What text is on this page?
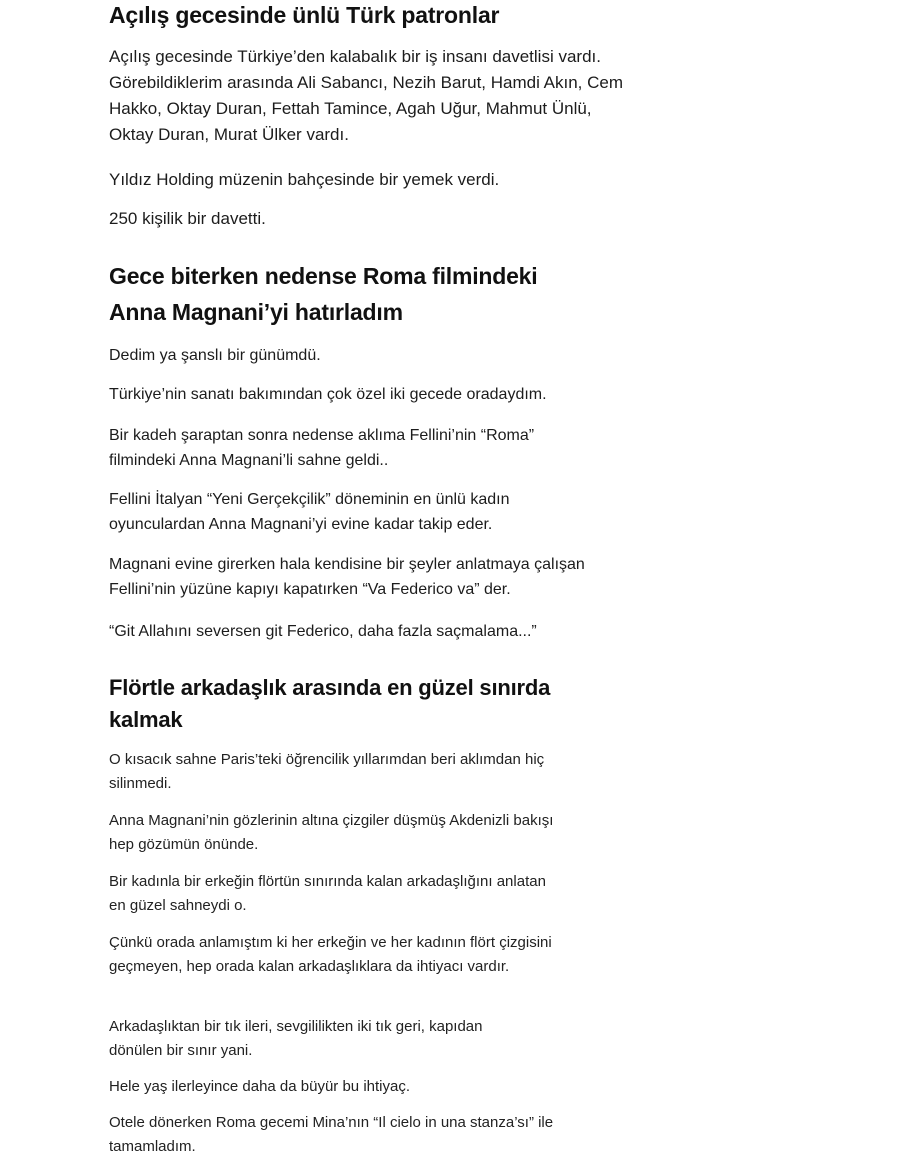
Açılış gecesinde ünlü Türk patronlar

Açılış gecesinde Türkiye’den kalabalık bir iş insanı davetlisi vardı. Görebildiklerim arasında Ali Sabancı, Nezih Barut, Hamdi Akın, Cem Hakko, Oktay Duran, Fettah Tamince, Agah Uğur, Mahmut Ünlü, Oktay Duran, Murat Ülker vardı.

Yıldız Holding müzenin bahçesinde bir yemek verdi.

250 kişilik bir davetti.

Gece biterken nedense Roma filmindeki Anna Magnani’yi hatırladım

Dedim ya şanslı bir günümdü.

Türkiye’nin sanatı bakımından çok özel iki gecede oradaydım.

Bir kadeh şaraptan sonra nedense aklıma Fellini’nin “Roma” filmindeki Anna Magnani’li sahne geldi..

Fellini İtalyan “Yeni Gerçekçilik” döneminin en ünlü kadın oyunculardan Anna Magnani’yi evine kadar takip eder.

Magnani evine girerken hala kendisine bir şeyler anlatmaya çalışan Fellini’nin yüzüne kapıyı kapatırken “Va Federico va” der.

“Git Allahını seversen git Federico, daha fazla saçmalama...”

Flörtle arkadaşlık arasında en güzel sınırda kalmak

O kısacık sahne Paris’teki öğrencilik yıllarımdan beri aklımdan hiç silinmedi.

Anna Magnani’nin gözlerinin altına çizgiler düşmüş Akdenizli bakışı hep gözümün önünde.

Bir kadınla bir erkeğin flörtün sınırında kalan arkadaşlığını anlatan en güzel sahneydi o.

Çünkü orada anlamıştım ki her erkeğin ve her kadının flört çizgisini geçmeyen, hep orada kalan arkadaşlıklara da ihtiyacı vardır.

Arkadaşlıktan bir tık ileri, sevgililikten iki tık geri, kapıdan dönülen bir sınır yani.

Hele yaş ilerleyince daha da büyür bu ihtiyaç.

Otele dönerken Roma gecemi Mina’nın “Il cielo in una stanza’sı” ile tamamladım.
